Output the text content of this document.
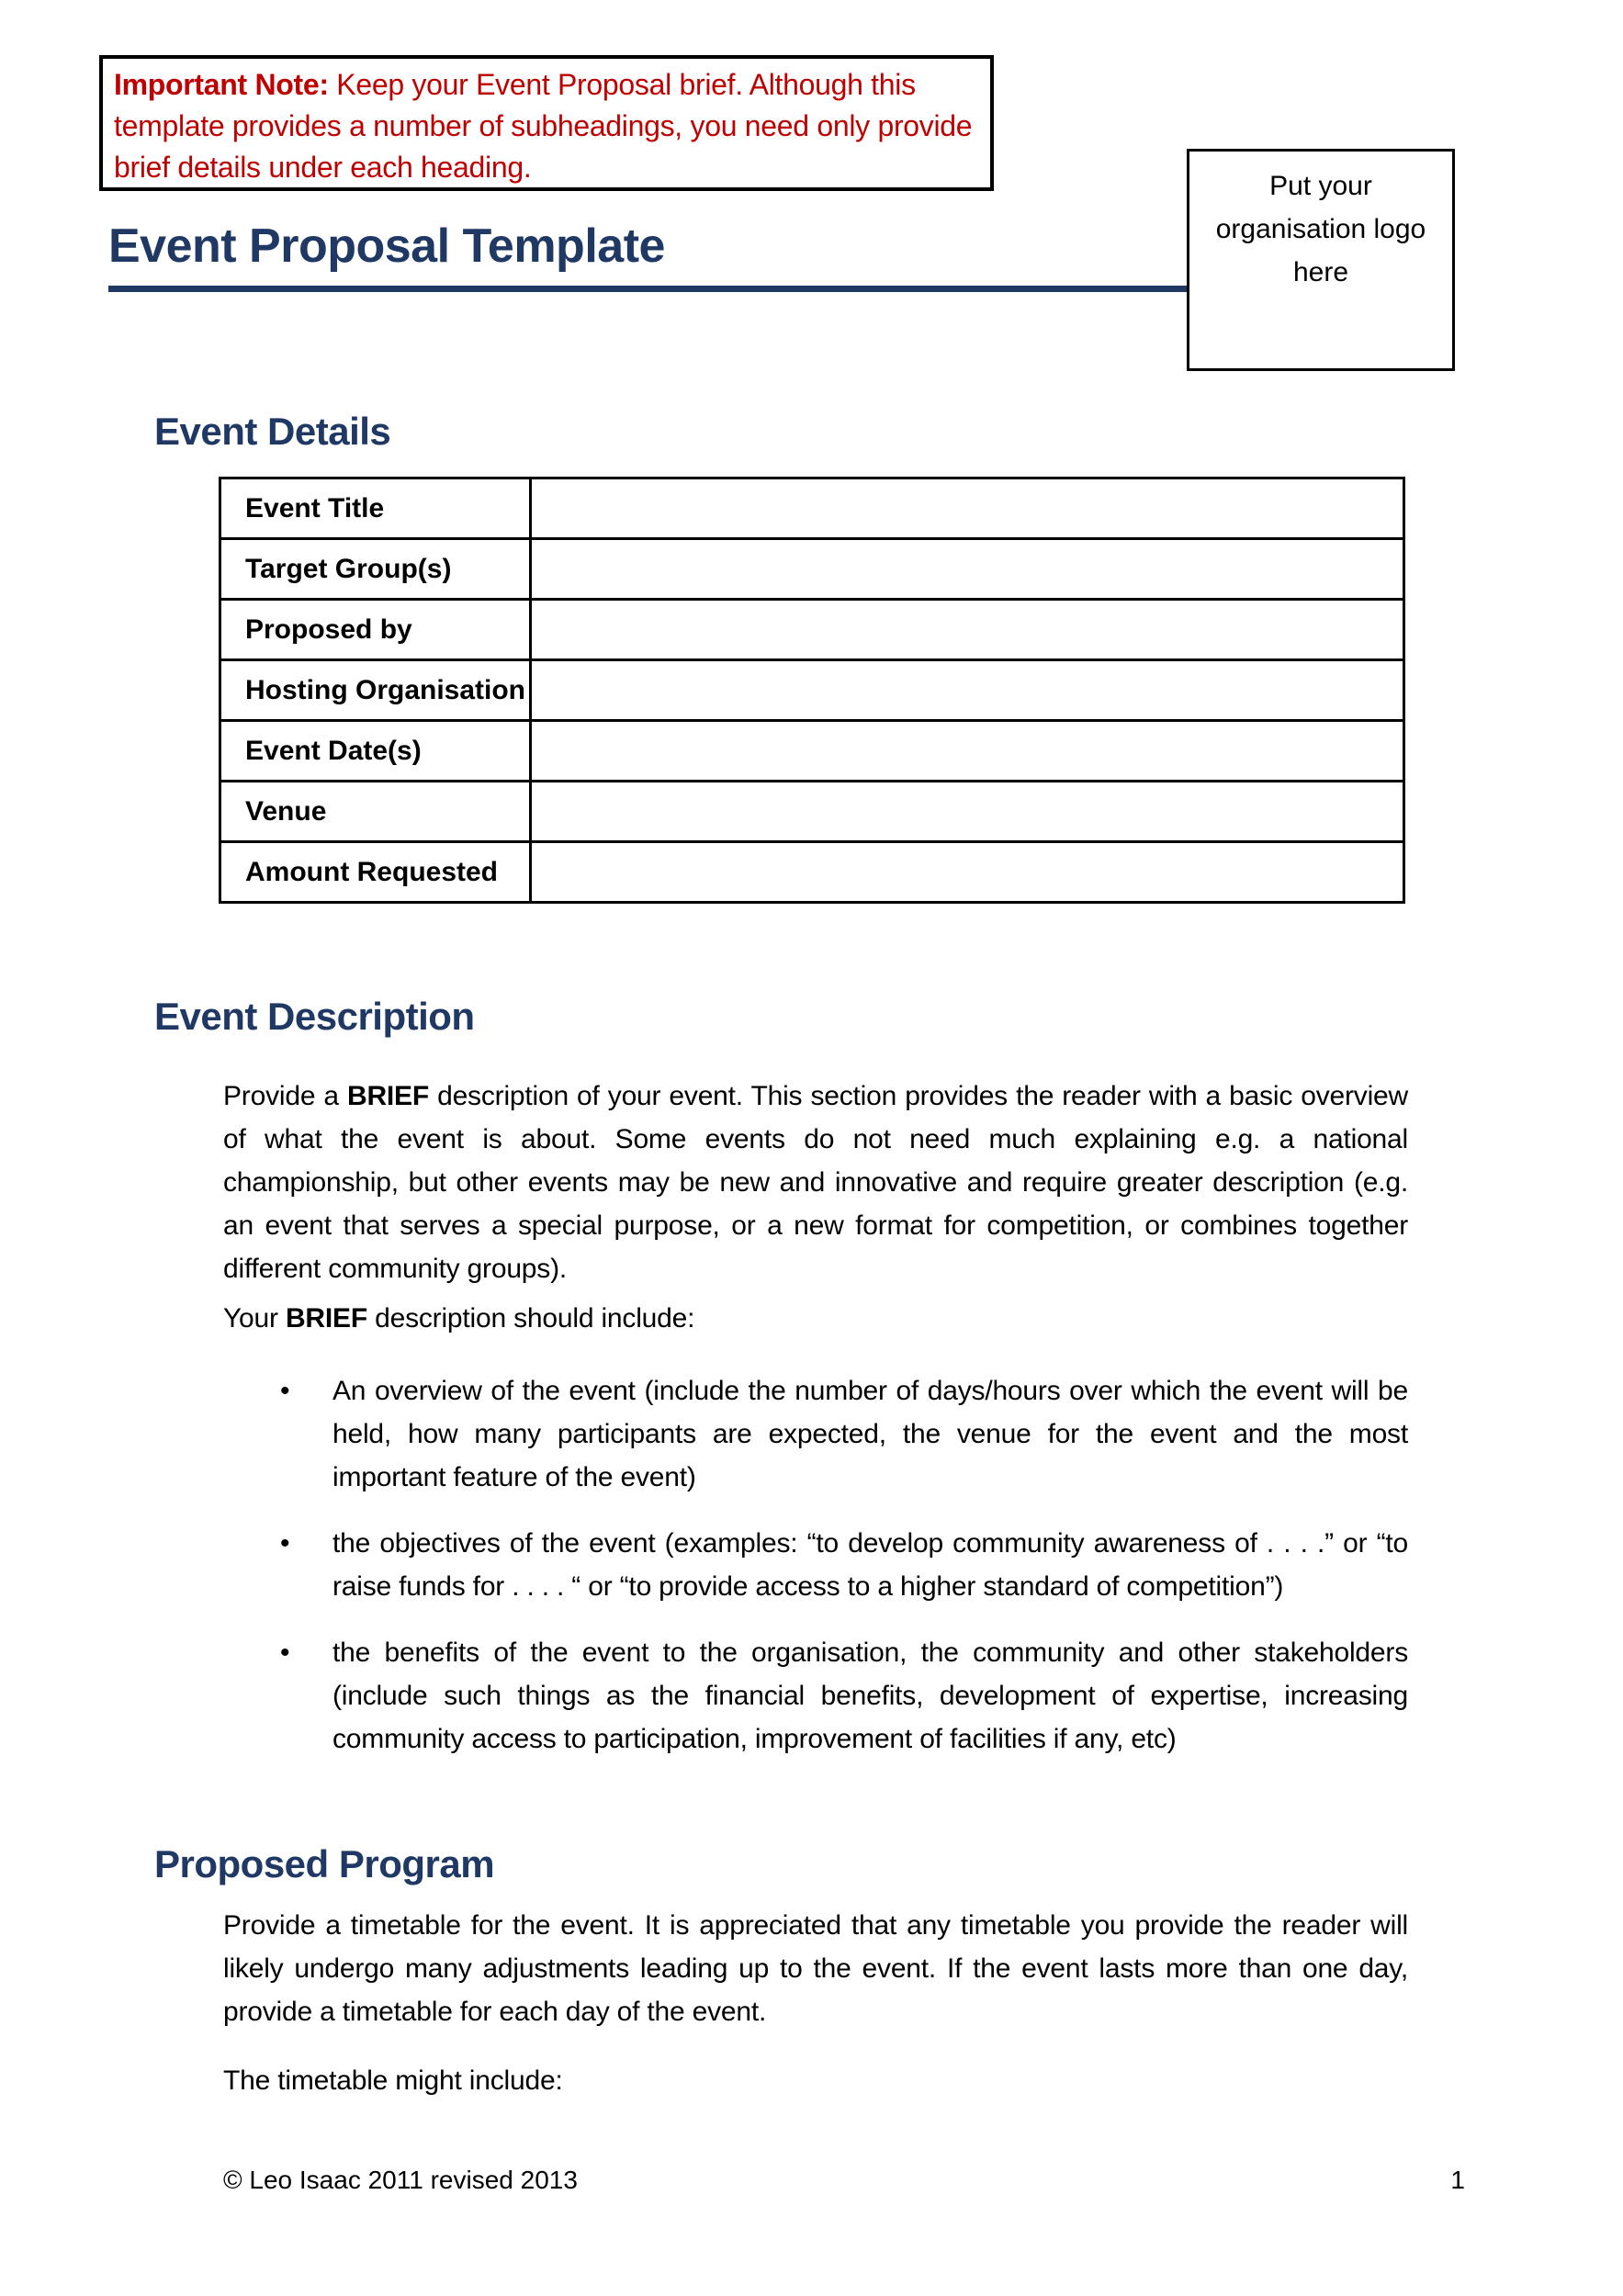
Important Note: Keep your Event Proposal brief. Although this template provides a number of subheadings, you need only provide brief details under each heading.
Put your organisation logo here
Event Proposal Template
Event Details
Event Title	
Target Group(s)	
Proposed by	
Hosting Organisation	
Event Date(s)	
Venue	
Amount Requested	
Event Description

Provide a BRIEF description of your event. This section provides the reader with a basic overview of what the event is about. Some events do not need much explaining e.g. a national championship, but other events may be new and innovative and require greater description (e.g. an event that serves a special purpose, or a new format for competition, or combines together different community groups).

Your BRIEF description should include:

• An overview of the event (include the number of days/hours over which the event will be held, how many participants are expected, the venue for the event and the most important feature of the event)
• the objectives of the event (examples: “to develop community awareness of . . . .” or “to raise funds for . . . . “ or “to provide access to a higher standard of competition”)
• the benefits of the event to the organisation, the community and other stakeholders (include such things as the financial benefits, development of expertise, increasing community access to participation, improvement of facilities if any, etc)
Proposed Program

Provide a timetable for the event. It is appreciated that any timetable you provide the reader will likely undergo many adjustments leading up to the event. If the event lasts more than one day, provide a timetable for each day of the event.

The timetable might include:

© Leo Isaac 2011 revised 2013	1
